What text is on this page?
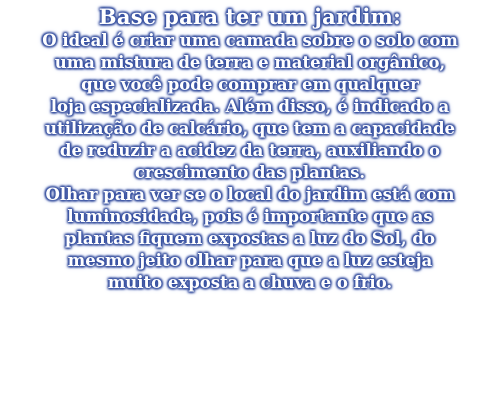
Base para ter um jardim:

O ideal é criar uma camada sobre o solo com
uma mistura de terra e material orgânico,
que você pode comprar em qualquer
loja especializada. Além disso, é indicado a
utilização de calcário, que tem a capacidade
de reduzir a acidez da terra, auxiliando o
crescimento das plantas.

Olhar para ver se o local do jardim está com
luminosidade, pois é importante que as
plantas fiquem expostas a luz do Sol, do
mesmo jeito olhar para que a luz esteja
muito exposta a chuva e o frio.
